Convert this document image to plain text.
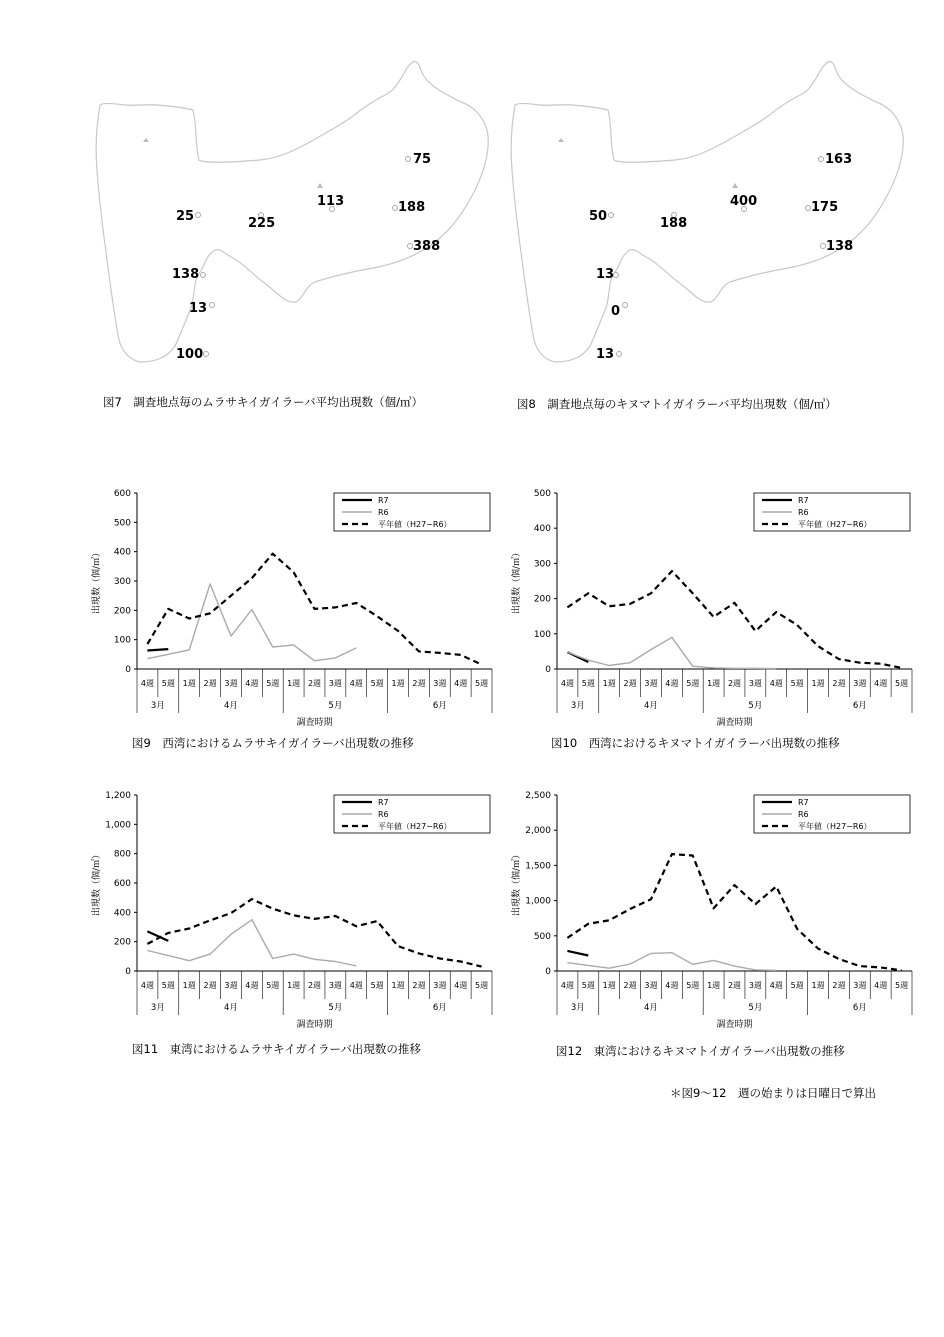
75
113	188
388
25	225
138
13
100
163
400	175
138
50	188
13
0
13
図7　調査地点毎のムラサキイガイラーバ平均出現数（個/㎥）	図8　調査地点毎のキヌマトイガイラーバ平均出現数（個/㎥）
0
100
200
300
400
500
600
出現数（個/㎥）
4週 5週 1週 2週 3週 4週 5週 1週 2週 3週 4週 5週 1週 2週 3週 4週 5週
3月	4月	5月	6月
調査時期
R7
R6
平年値（H27−R6）
0
100
200
300
400
500
出現数（個/㎥）
4週 5週 1週 2週 3週 4週 5週 1週 2週 3週 4週 5週 1週 2週 3週 4週 5週
3月	4月	5月	6月
調査時期
R7
R6
平年値（H27−R6）
0
200
400
600
800
1,000
1,200
出現数（個/㎥）
4週 5週 1週 2週 3週 4週 5週 1週 2週 3週 4週 5週 1週 2週 3週 4週 5週
3月	4月	5月	6月
調査時期
R7
R6
平年値（H27−R6）
0
500
1,000
1,500
2,000
2,500
出現数（個/㎥）
4週 5週 1週 2週 3週 4週 5週 1週 2週 3週 4週 5週 1週 2週 3週 4週 5週
3月	4月	5月	6月
調査時期
R7
R6
平年値（H27−R6）
図9　西湾におけるムラサキイガイラーバ出現数の推移	図10　西湾におけるキヌマトイガイラーバ出現数の推移
図11　東湾におけるムラサキイガイラーバ出現数の推移	図12　東湾におけるキヌマトイガイラーバ出現数の推移
＊図9～12　週の始まりは日曜日で算出
